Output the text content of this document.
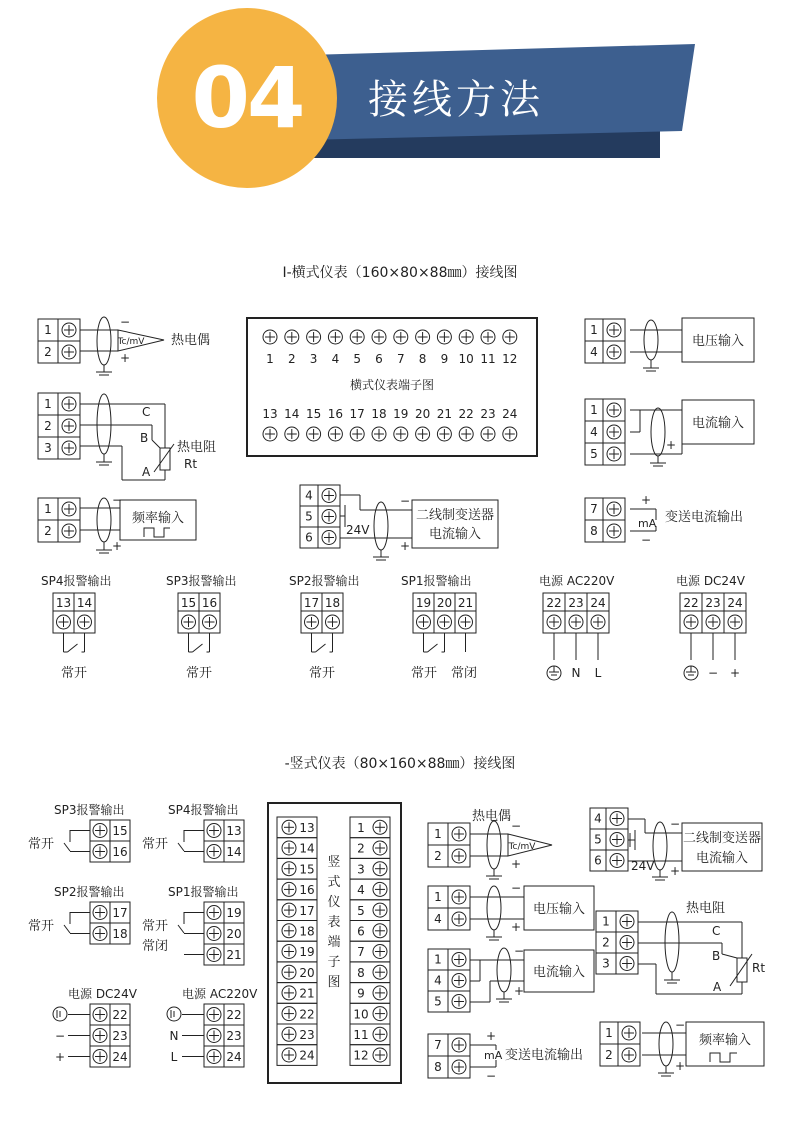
04	接线方法
I-横式仪表（160×80×88㎜）接线图
-竖式仪表（80×160×88㎜）接线图
1 2 3 4 5 6 7 8 9 10 11 12
13 14 15 16 17 18 19 20 21 22 23 24
横式仪表端子图
1
2
Tc/mV
−
+
热电偶
1
2
3
C
B
A
热电阻
Rt
1
2
频率输入
−
+
4
5
6
24V
二线制变送器
电流输入
−
+
1
4
电压输入
1
4
5
电流输入
+
7
8
mA
+
−
变送电流输出
SP4报警输出
13 14
常开
SP3报警输出
15 16
常开
SP2报警输出
17 18
常开
SP1报警输出
19 20 21
常开 常闭
电源 AC220V
22 23 24
N L
电源 DC24V
22 23 24
− +
13
14
15
16
17
18
19
20
21
22
23
24
1
2
3
4
5
6
7
8
9
10
11
12
竖
式
仪
表
端
子
图
SP3报警输出
15
16
常开
SP4报警输出
13
14
常开
SP2报警输出
17
18
常开
SP1报警输出
19
20
21
常开
常闭
电源 DC24V
22
23
24
−
+
电源 AC220V
22
23
24
N
L
热电偶
1
2
Tc/mV
−
+
1
4
电压输入
−
+
1
4
5
电流输入
−
+
7
8
mA
+
−
变送电流输出
4
5
6 24V
二线制变送器
电流输入
−
+
热电阻
1
2
3
C
B
A
Rt
1
2
频率输入
−
+
